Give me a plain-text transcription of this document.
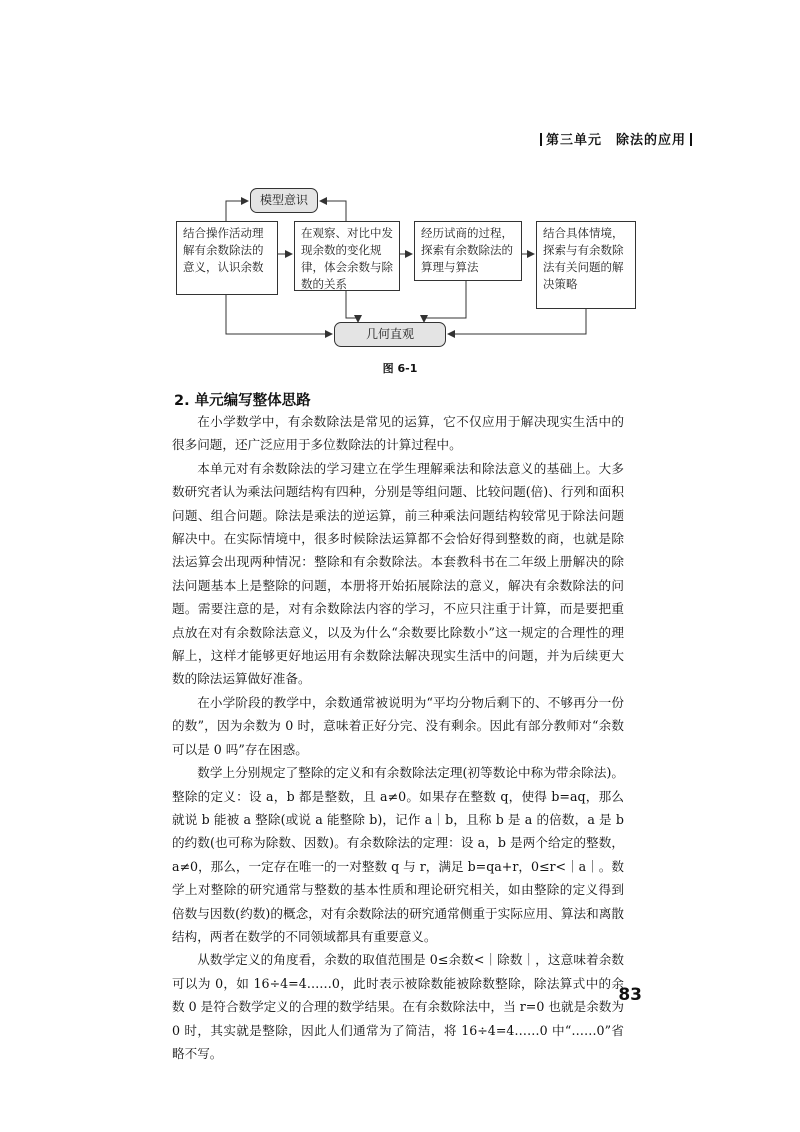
第三单元　除法的应用
模型意识
结合操作活动理解有余数除法的意义，认识余数
在观察、对比中发现余数的变化规律，体会余数与除数的关系
经历试商的过程，探索有余数除法的算理与算法
结合具体情境，探索与有余数除法有关问题的解决策略
几何直观
图 6-1
2. 单元编写整体思路

在小学数学中，有余数除法是常见的运算，它不仅应用于解决现实生活中的很多问题，还广泛应用于多位数除法的计算过程中。

本单元对有余数除法的学习建立在学生理解乘法和除法意义的基础上。大多数研究者认为乘法问题结构有四种，分别是等组问题、比较问题(倍)、行列和面积问题、组合问题。除法是乘法的逆运算，前三种乘法问题结构较常见于除法问题解决中。在实际情境中，很多时候除法运算都不会恰好得到整数的商，也就是除法运算会出现两种情况：整除和有余数除法。本套教科书在二年级上册解决的除法问题基本上是整除的问题，本册将开始拓展除法的意义，解决有余数除法的问题。需要注意的是，对有余数除法内容的学习，不应只注重于计算，而是要把重点放在对有余数除法意义，以及为什么“余数要比除数小”这一规定的合理性的理解上，这样才能够更好地运用有余数除法解决现实生活中的问题，并为后续更大数的除法运算做好准备。

在小学阶段的教学中，余数通常被说明为“平均分物后剩下的、不够再分一份的数”，因为余数为 0 时，意味着正好分完、没有剩余。因此有部分教师对“余数可以是 0 吗”存在困惑。

数学上分别规定了整除的定义和有余数除法定理(初等数论中称为带余除法)。整除的定义：设 a，b 都是整数，且 a≠0。如果存在整数 q，使得 b=aq，那么就说 b 能被 a 整除(或说 a 能整除 b)，记作 a｜b，且称 b 是 a 的倍数，a 是 b 的约数(也可称为除数、因数)。有余数除法的定理：设 a，b 是两个给定的整数，a≠0，那么，一定存在唯一的一对整数 q 与 r，满足 b=qa+r，0≤r<｜a｜。数学上对整除的研究通常与整数的基本性质和理论研究相关，如由整除的定义得到倍数与因数(约数)的概念，对有余数除法的研究通常侧重于实际应用、算法和离散结构，两者在数学的不同领域都具有重要意义。

从数学定义的角度看，余数的取值范围是 0≤余数<｜除数｜，这意味着余数可以为 0，如 16÷4=4……0，此时表示被除数能被除数整除，除法算式中的余数 0 是符合数学定义的合理的数学结果。在有余数除法中，当 r=0 也就是余数为 0 时，其实就是整除，因此人们通常为了简洁，将 16÷4=4……0 中“……0”省略不写。

83
